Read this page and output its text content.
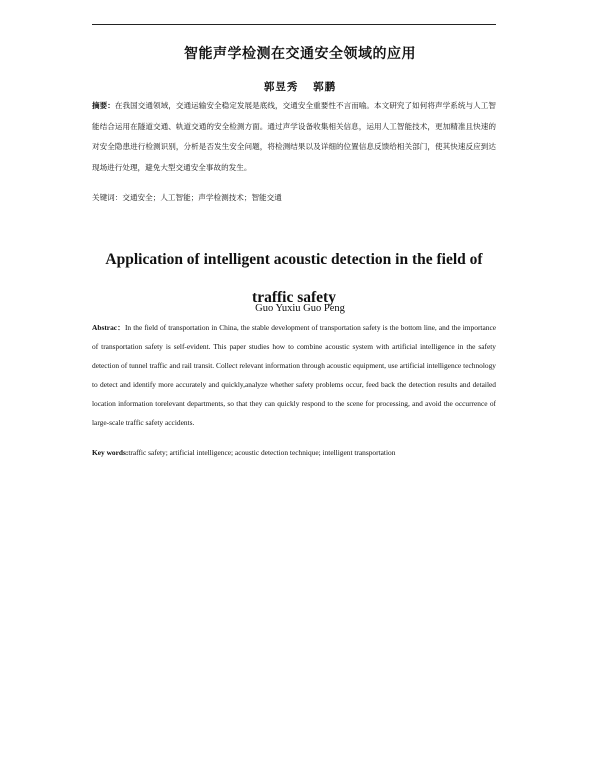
智能声学检测在交通安全领域的应用
郭昱秀 郭鹏
摘要：在我国交通领域，交通运输安全稳定发展是底线，交通安全重要性不言而喻。本文研究了如何将声学系统与人工智能结合运用在隧道交通、轨道交通的安全检测方面。通过声学设备收集相关信息，运用人工智能技术，更加精准且快速的对安全隐患进行检测识别，分析是否发生安全问题，将检测结果以及详细的位置信息反馈给相关部门，使其快速反应到达现场进行处理，避免大型交通安全事故的发生。
关键词：交通安全；人工智能；声学检测技术；智能交通
Application of intelligent acoustic detection in the field of traffic safety
Guo Yuxiu Guo Peng
Abstrac：In the field of transportation in China, the stable development of transportation safety is the bottom line, and the importance of transportation safety is self-evident. This paper studies how to combine acoustic system with artificial intelligence in the safety detection of tunnel traffic and rail transit. Collect relevant information through acoustic equipment, use artificial intelligence technology to detect and identify more accurately and quickly,analyze whether safety problems occur, feed back the detection results and detailed location information torelevant departments, so that they can quickly respond to the scene for processing, and avoid the occurrence of large-scale traffic safety accidents.
Key words:traffic safety; artificial intelligence; acoustic detection technique; intelligent transportation
